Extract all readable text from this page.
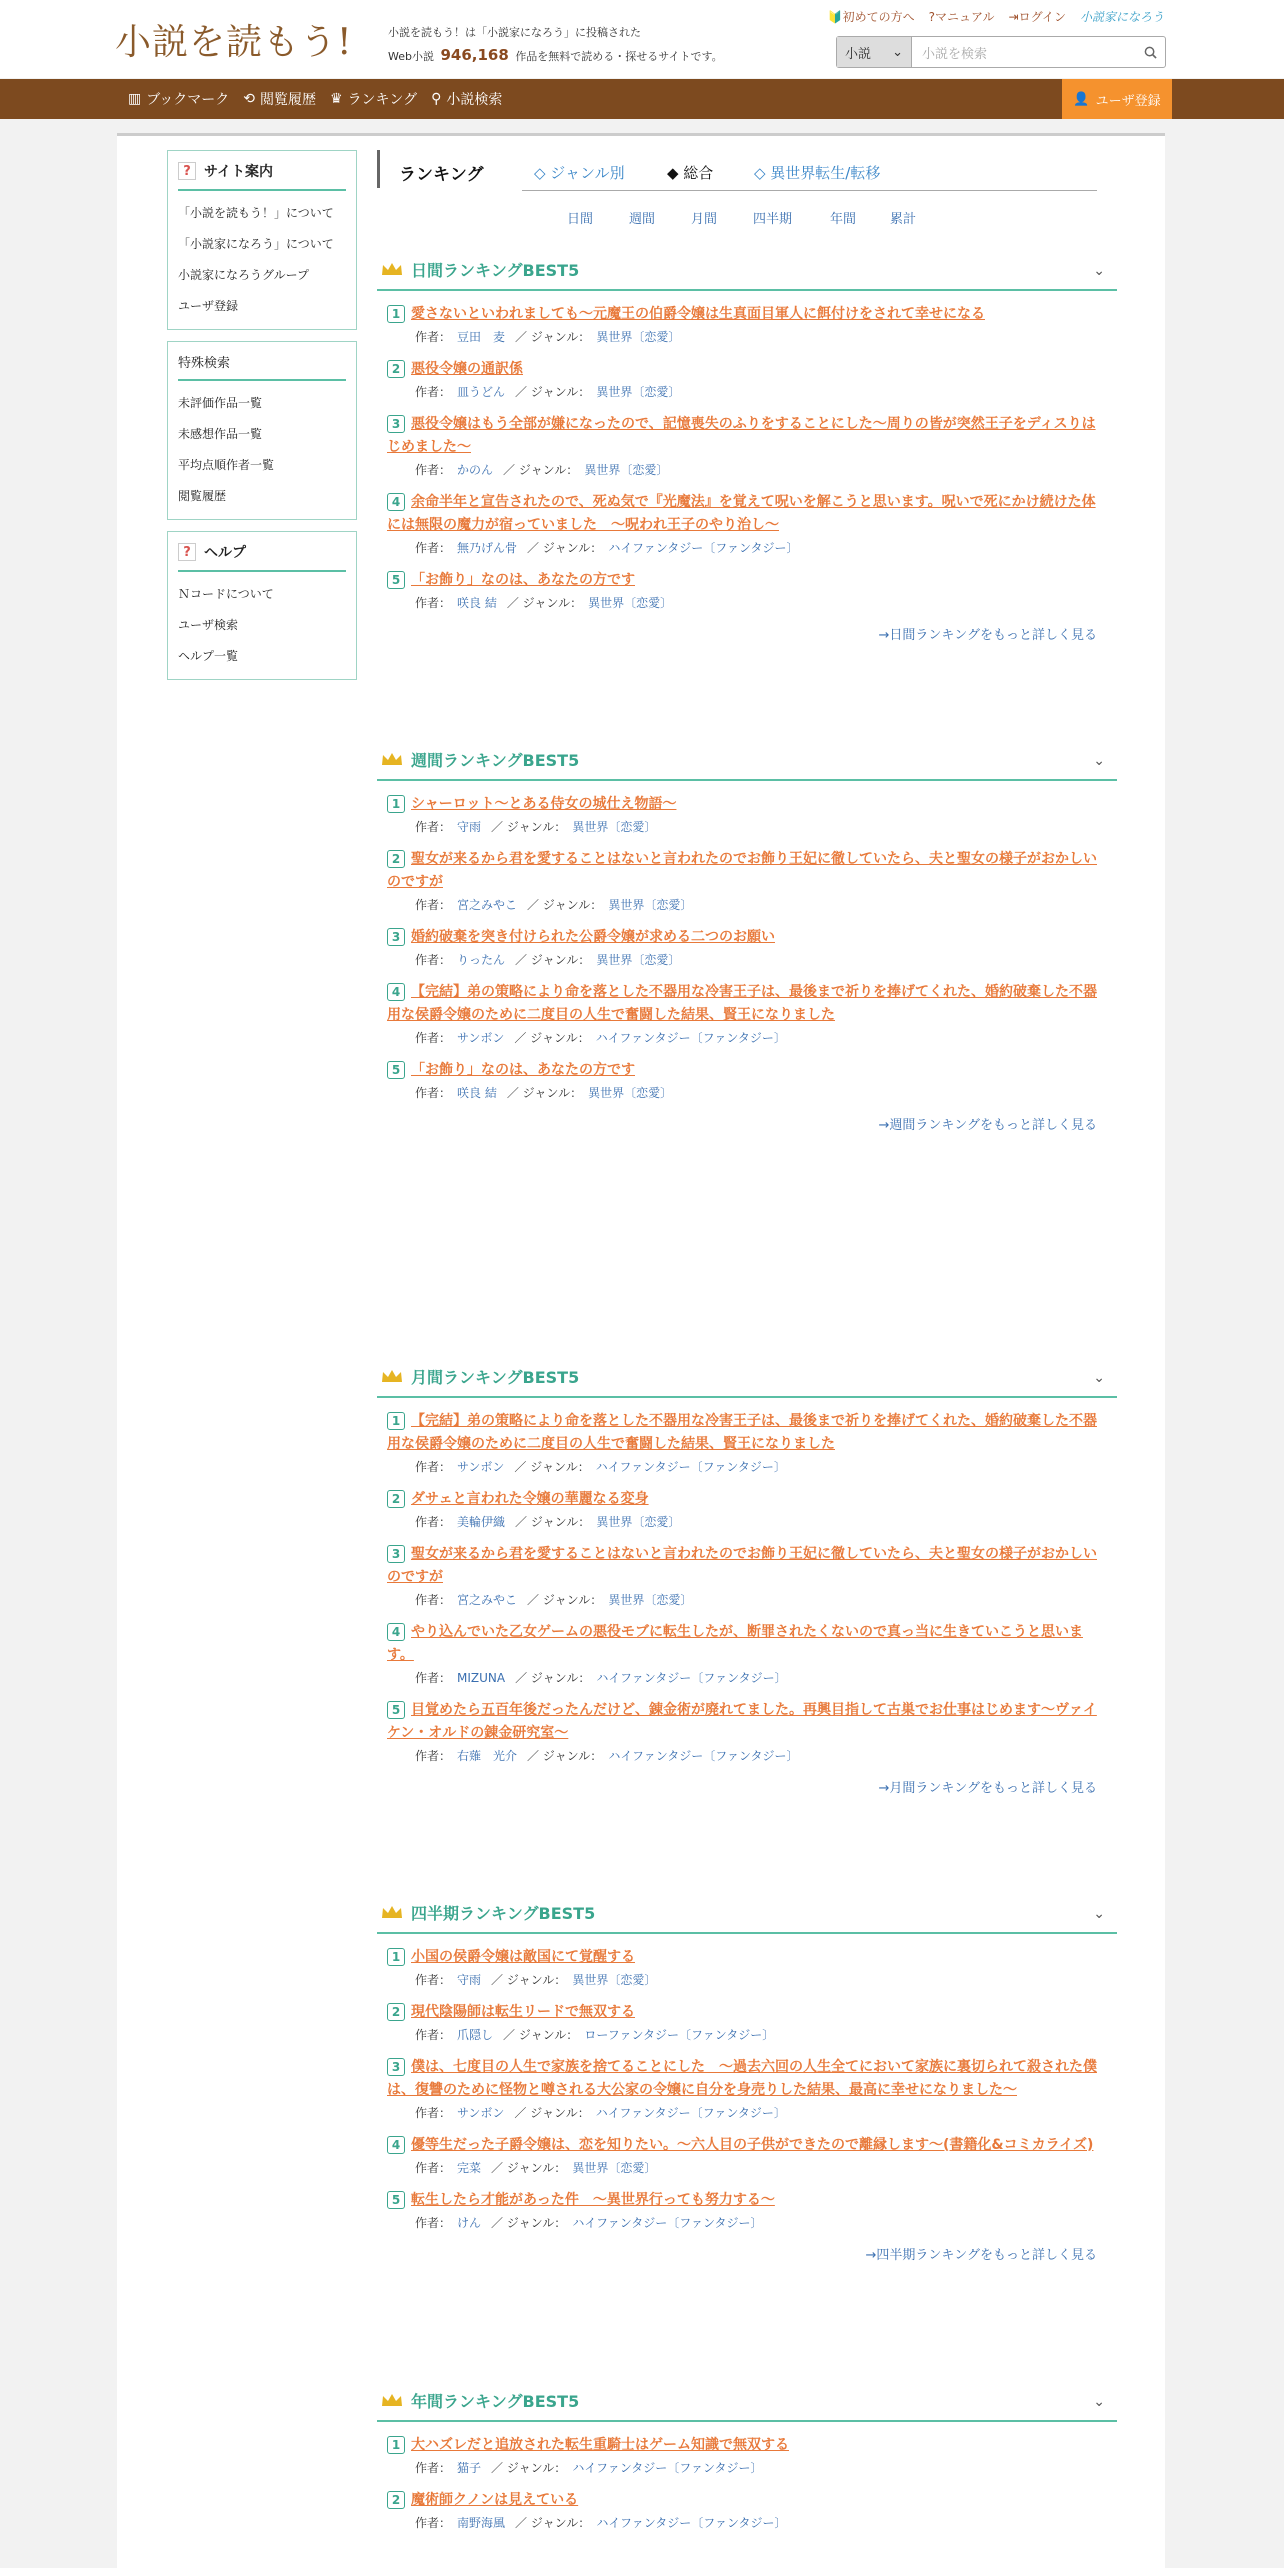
小説を読もう!	小説を読もう！は「小説家になろう」に投稿された
Web小説 946,168 作品を無料で読める・探せるサイトです。
🔰初めての方へ ?マニュアル ⇥ログイン 小説家になろう
小説 ⌄	小説を検索
▥ ブックマーク ⟲ 閲覧履歴 ♛ ランキング ⚲ 小説検索	👤 ユーザ登録
? サイト案内
「小説を読もう！」について
「小説家になろう」について
小説家になろうグループ
ユーザ登録
特殊検索
未評価作品一覧
未感想作品一覧
平均点順作者一覧
閲覧履歴
? ヘルプ
Ｎコードについて
ユーザ検索
ヘルプ一覧
ランキング	◇ ジャンル別	◆ 総合	◇ 異世界転生/転移
日間	週間	月間	四半期	年間	累計
日間ランキングBEST5	⌄
1 愛さないといわれましても～元魔王の伯爵令嬢は生真面目軍人に餌付けをされて幸せになる
作者： 豆田　麦 ／ ジャンル： 異世界〔恋愛〕
2 悪役令嬢の通訳係
作者： 皿うどん ／ ジャンル： 異世界〔恋愛〕
3 悪役令嬢はもう全部が嫌になったので、記憶喪失のふりをすることにした～周りの皆が突然王子をディスりはじめました～
作者： かのん ／ ジャンル： 異世界〔恋愛〕
4 余命半年と宣告されたので、死ぬ気で『光魔法』を覚えて呪いを解こうと思います。呪いで死にかけ続けた体には無限の魔力が宿っていました　～呪われ王子のやり治し～
作者： 無乃げん骨 ／ ジャンル： ハイファンタジー〔ファンタジー〕
5 「お飾り」なのは、あなたの方です
作者： 咲良 結 ／ ジャンル： 異世界〔恋愛〕
→日間ランキングをもっと詳しく見る
週間ランキングBEST5	⌄
1 シャーロット〜とある侍女の城仕え物語〜
作者： 守雨 ／ ジャンル： 異世界〔恋愛〕
2 聖女が来るから君を愛することはないと言われたのでお飾り王妃に徹していたら、夫と聖女の様子がおかしいのですが
作者： 宮之みやこ ／ ジャンル： 異世界〔恋愛〕
3 婚約破棄を突き付けられた公爵令嬢が求める二つのお願い
作者： りったん ／ ジャンル： 異世界〔恋愛〕
4 【完結】弟の策略により命を落とした不器用な冷害王子は、最後まで祈りを捧げてくれた、婚約破棄した不器用な侯爵令嬢のために二度目の人生で奮闘した結果、賢王になりました
作者： サンボン ／ ジャンル： ハイファンタジー〔ファンタジー〕
5 「お飾り」なのは、あなたの方です
作者： 咲良 結 ／ ジャンル： 異世界〔恋愛〕
→週間ランキングをもっと詳しく見る
月間ランキングBEST5	⌄
1 【完結】弟の策略により命を落とした不器用な冷害王子は、最後まで祈りを捧げてくれた、婚約破棄した不器用な侯爵令嬢のために二度目の人生で奮闘した結果、賢王になりました
作者： サンボン ／ ジャンル： ハイファンタジー〔ファンタジー〕
2 ダサェと言われた令嬢の華麗なる変身
作者： 美輪伊織 ／ ジャンル： 異世界〔恋愛〕
3 聖女が来るから君を愛することはないと言われたのでお飾り王妃に徹していたら、夫と聖女の様子がおかしいのですが
作者： 宮之みやこ ／ ジャンル： 異世界〔恋愛〕
4 やり込んでいた乙女ゲームの悪役モブに転生したが、断罪されたくないので真っ当に生きていこうと思います。
作者： MIZUNA ／ ジャンル： ハイファンタジー〔ファンタジー〕
5 目覚めたら五百年後だったんだけど、錬金術が廃れてました。再興目指して古巣でお仕事はじめます～ヴァイケン・オルドの錬金研究室～
作者： 右薙　光介 ／ ジャンル： ハイファンタジー〔ファンタジー〕
→月間ランキングをもっと詳しく見る
四半期ランキングBEST5	⌄
1 小国の侯爵令嬢は敵国にて覚醒する
作者： 守雨 ／ ジャンル： 異世界〔恋愛〕
2 現代陰陽師は転生リードで無双する
作者： 爪隠し ／ ジャンル： ローファンタジー〔ファンタジー〕
3 僕は、七度目の人生で家族を捨てることにした　～過去六回の人生全てにおいて家族に裏切られて殺された僕は、復讐のために怪物と噂される大公家の令嬢に自分を身売りした結果、最高に幸せになりました～
作者： サンボン ／ ジャンル： ハイファンタジー〔ファンタジー〕
4 優等生だった子爵令嬢は、恋を知りたい。～六人目の子供ができたので離縁します～(書籍化&コミカライズ)
作者： 完菜 ／ ジャンル： 異世界〔恋愛〕
5 転生したら才能があった件　～異世界行っても努力する～
作者： けん ／ ジャンル： ハイファンタジー〔ファンタジー〕
→四半期ランキングをもっと詳しく見る
年間ランキングBEST5	⌄
1 大ハズレだと追放された転生重騎士はゲーム知識で無双する
作者： 猫子 ／ ジャンル： ハイファンタジー〔ファンタジー〕
2 魔術師クノンは見えている
作者： 南野海風 ／ ジャンル： ハイファンタジー〔ファンタジー〕
